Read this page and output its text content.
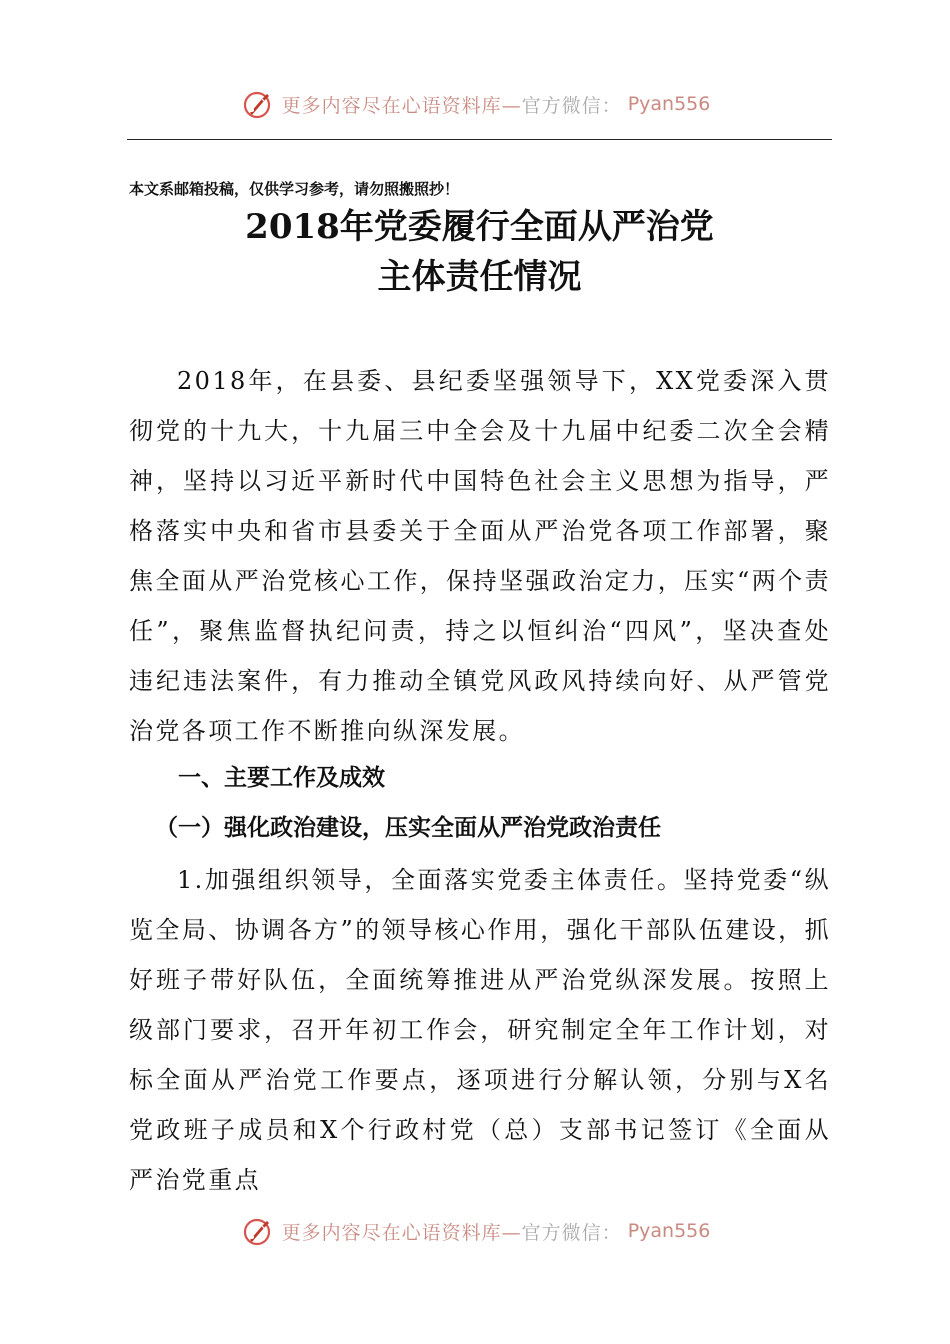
更多内容尽在心语资料库— 官方微信： Pyan556
本文系邮箱投稿，仅供学习参考，请勿照搬照抄！
2018年党委履行全面从严治党
主体责任情况

2018年，在县委、县纪委坚强领导下，XX党委深入贯彻党的十九大，十九届三中全会及十九届中纪委二次全会精神，坚持以习近平新时代中国特色社会主义思想为指导，严格落实中央和省市县委关于全面从严治党各项工作部署，聚焦全面从严治党核心工作，保持坚强政治定力，压实“两个责任”，聚焦监督执纪问责，持之以恒纠治“四风”，坚决查处违纪违法案件，有力推动全镇党风政风持续向好、从严管党治党各项工作不断推向纵深发展。

一、主要工作及成效
（一）强化政治建设，压实全面从严治党政治责任

1.加强组织领导，全面落实党委主体责任。坚持党委“纵览全局、协调各方”的领导核心作用，强化干部队伍建设，抓好班子带好队伍，全面统筹推进从严治党纵深发展。按照上级部门要求，召开年初工作会，研究制定全年工作计划，对标全面从严治党工作要点，逐项进行分解认领，分别与X名党政班子成员和X个行政村党（总）支部书记签订《全面从严治党重点

更多内容尽在心语资料库— 官方微信： Pyan556
